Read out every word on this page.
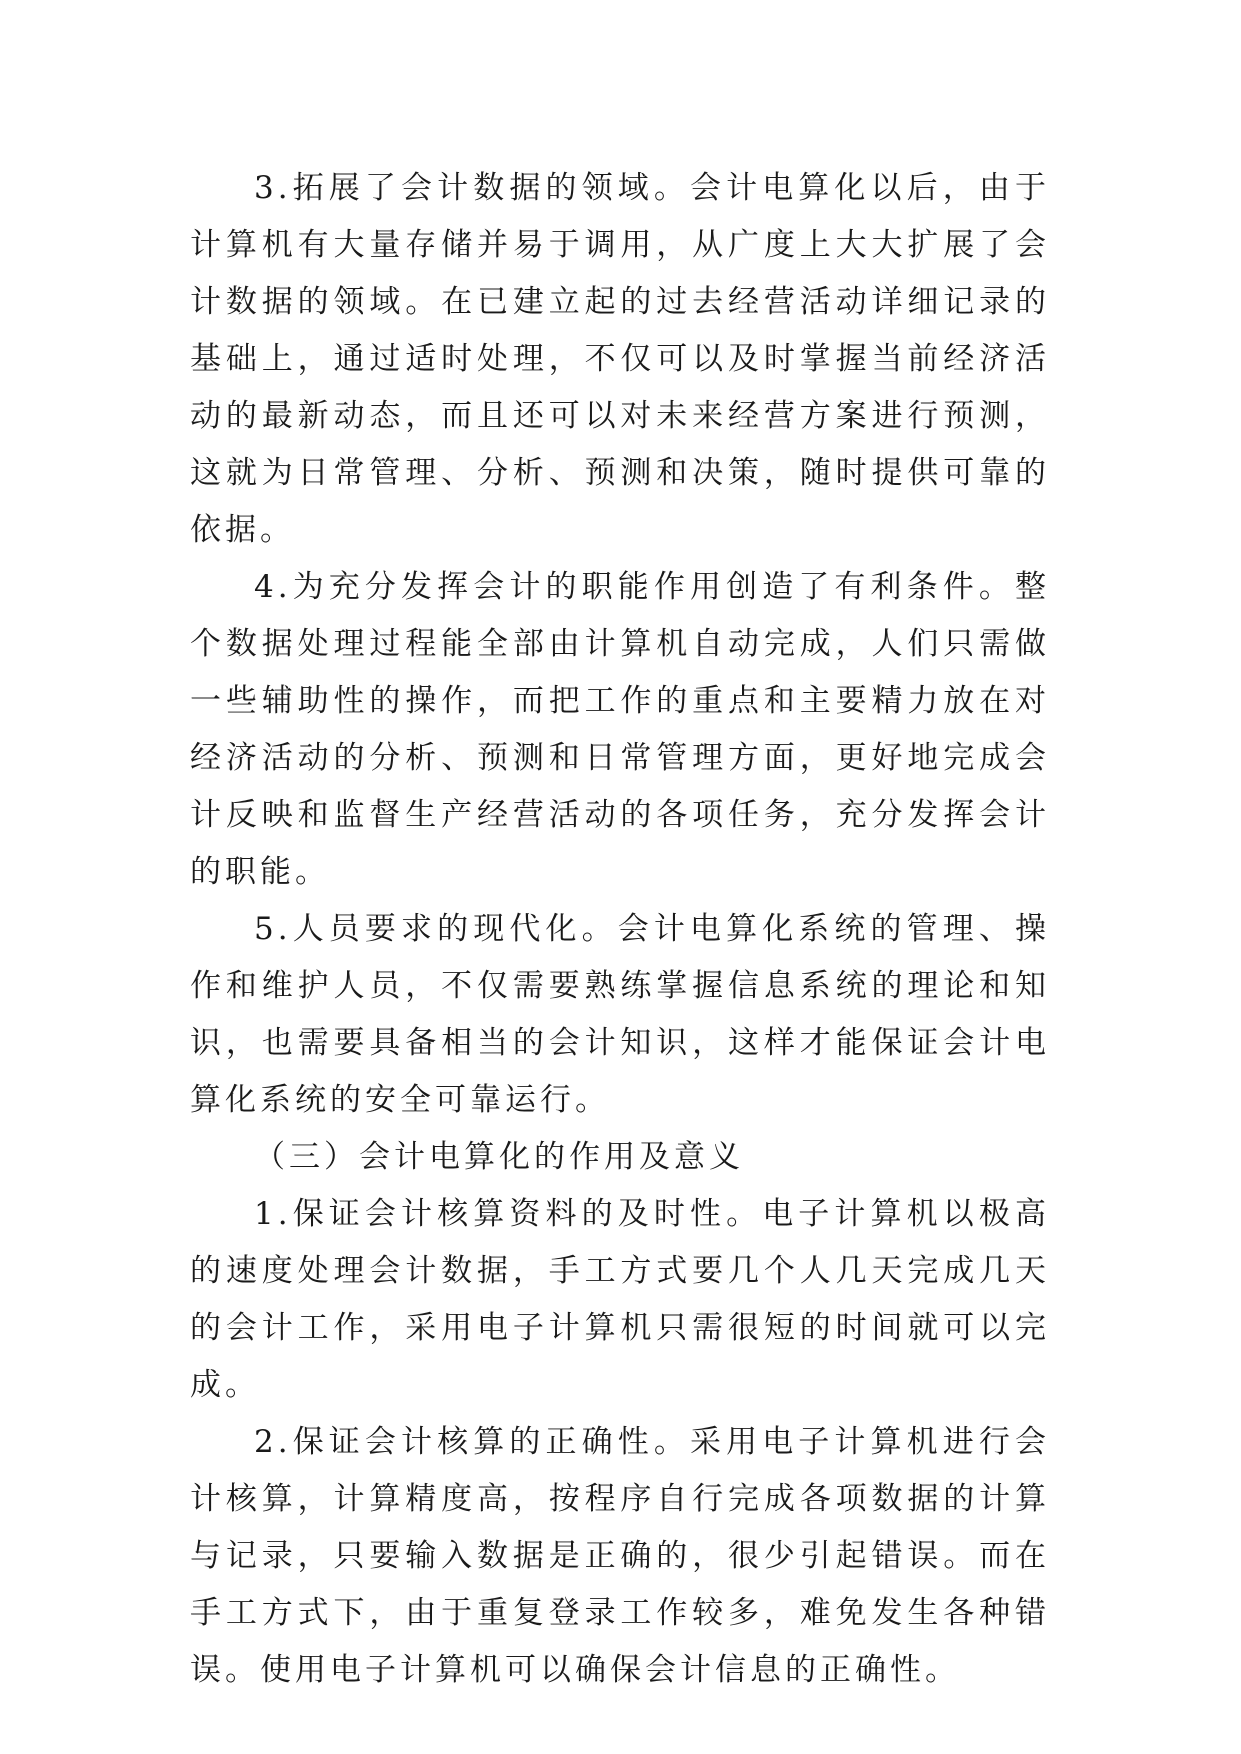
3.拓展了会计数据的领域。会计电算化以后，由于计算机有大量存储并易于调用，从广度上大大扩展了会计数据的领域。在已建立起的过去经营活动详细记录的基础上，通过适时处理，不仅可以及时掌握当前经济活动的最新动态，而且还可以对未来经营方案进行预测，这就为日常管理、分析、预测和决策，随时提供可靠的依据。

4.为充分发挥会计的职能作用创造了有利条件。整个数据处理过程能全部由计算机自动完成，人们只需做一些辅助性的操作，而把工作的重点和主要精力放在对经济活动的分析、预测和日常管理方面，更好地完成会计反映和监督生产经营活动的各项任务，充分发挥会计的职能。

5.人员要求的现代化。会计电算化系统的管理、操作和维护人员，不仅需要熟练掌握信息系统的理论和知识，也需要具备相当的会计知识，这样才能保证会计电算化系统的安全可靠运行。

（三）会计电算化的作用及意义

1.保证会计核算资料的及时性。电子计算机以极高的速度处理会计数据，手工方式要几个人几天完成几天的会计工作，采用电子计算机只需很短的时间就可以完成。

2.保证会计核算的正确性。采用电子计算机进行会计核算，计算精度高，按程序自行完成各项数据的计算与记录，只要输入数据是正确的，很少引起错误。而在手工方式下，由于重复登录工作较多，难免发生各种错误。使用电子计算机可以确保会计信息的正确性。
